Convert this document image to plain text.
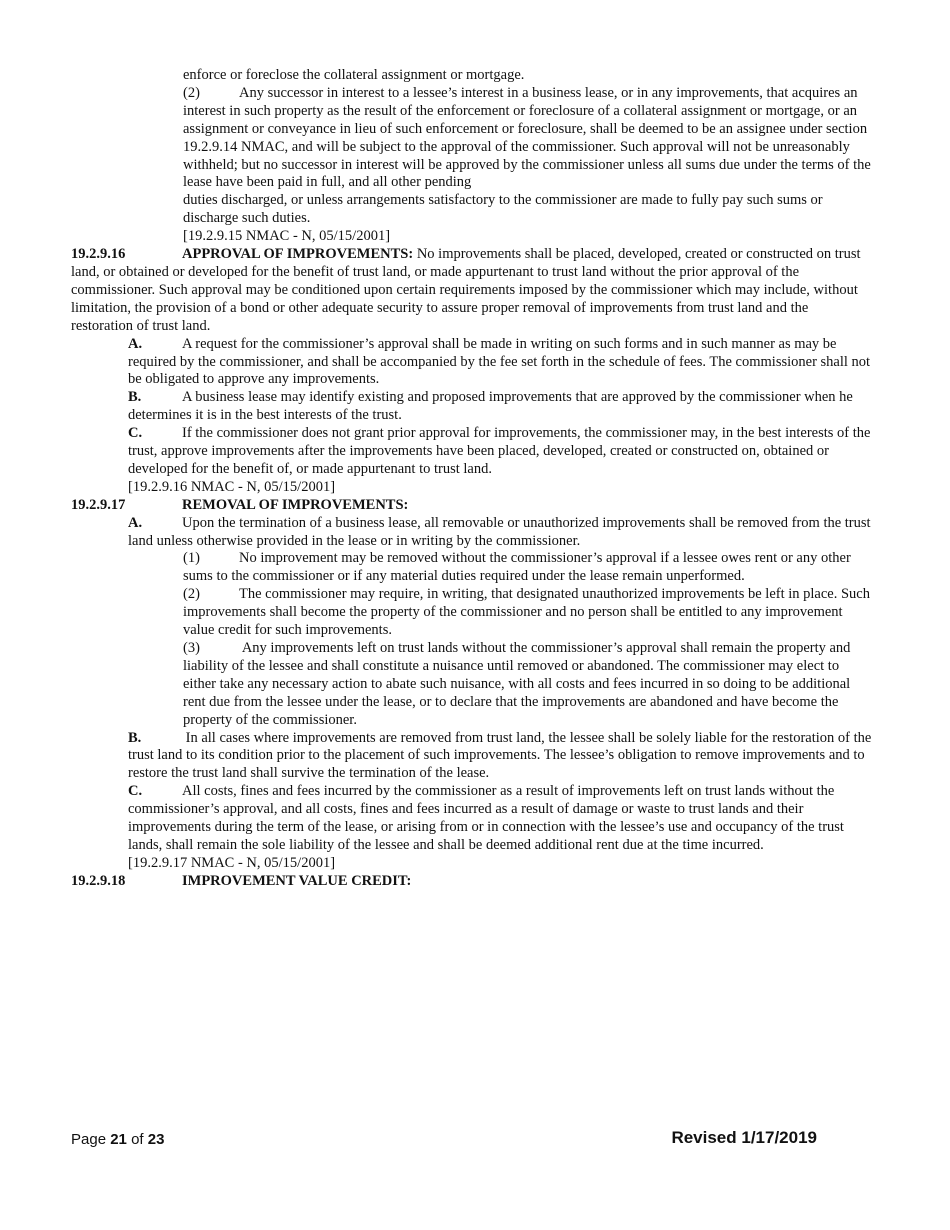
enforce or foreclose the collateral assignment or mortgage.

(2)	Any successor in interest to a lessee’s interest in a business lease, or in any improvements, that acquires an interest in such property as the result of the enforcement or foreclosure of a collateral assignment or mortgage, or an assignment or conveyance in lieu of such enforcement or foreclosure, shall be deemed to be an assignee under section 19.2.9.14 NMAC, and will be subject to the approval of the commissioner. Such approval will not be unreasonably withheld; but no successor in interest will be approved by the commissioner unless all sums due under the terms of the lease have been paid in full, and all other pending

duties discharged, or unless arrangements satisfactory to the commissioner are made to fully pay such sums or discharge such duties.

[19.2.9.15 NMAC - N, 05/15/2001]

19.2.9.16	APPROVAL OF IMPROVEMENTS: No improvements shall be placed, developed, created or constructed on trust land, or obtained or developed for the benefit of trust land, or made appurtenant to trust land without the prior approval of the commissioner. Such approval may be conditioned upon certain requirements imposed by the commissioner which may include, without limitation, the provision of a bond or other adequate security to assure proper removal of improvements from trust land and the restoration of trust land.

A.	A request for the commissioner’s approval shall be made in writing on such forms and in such manner as may be required by the commissioner, and shall be accompanied by the fee set forth in the schedule of fees. The commissioner shall not be obligated to approve any improvements.

B.	A business lease may identify existing and proposed improvements that are approved by the commissioner when he determines it is in the best interests of the trust.

C.	If the commissioner does not grant prior approval for improvements, the commissioner may, in the best interests of the trust, approve improvements after the improvements have been placed, developed, created or constructed on, obtained or developed for the benefit of, or made appurtenant to trust land.

[19.2.9.16 NMAC - N, 05/15/2001]

19.2.9.17	REMOVAL OF IMPROVEMENTS:

A.	Upon the termination of a business lease, all removable or unauthorized improvements shall be removed from the trust land unless otherwise provided in the lease or in writing by the commissioner.

(1)	No improvement may be removed without the commissioner’s approval if a lessee owes rent or any other sums to the commissioner or if any material duties required under the lease remain unperformed.

(2)	The commissioner may require, in writing, that designated unauthorized improvements be left in place. Such improvements shall become the property of the commissioner and no person shall be entitled to any improvement value credit for such improvements.

(3)	Any improvements left on trust lands without the commissioner’s approval shall remain the property and liability of the lessee and shall constitute a nuisance until removed or abandoned. The commissioner may elect to either take any necessary action to abate such nuisance, with all costs and fees incurred in so doing to be additional rent due from the lessee under the lease, or to declare that the improvements are abandoned and have become the property of the commissioner.

B.	In all cases where improvements are removed from trust land, the lessee shall be solely liable for the restoration of the trust land to its condition prior to the placement of such improvements. The lessee’s obligation to remove improvements and to restore the trust land shall survive the termination of the lease.

C.	All costs, fines and fees incurred by the commissioner as a result of improvements left on trust lands without the commissioner’s approval, and all costs, fines and fees incurred as a result of damage or waste to trust lands and their improvements during the term of the lease, or arising from or in connection with the lessee’s use and occupancy of the trust lands, shall remain the sole liability of the lessee and shall be deemed additional rent due at the time incurred.

[19.2.9.17 NMAC - N, 05/15/2001]

19.2.9.18	IMPROVEMENT VALUE CREDIT:

Page 21 of 23	Revised 1/17/2019
